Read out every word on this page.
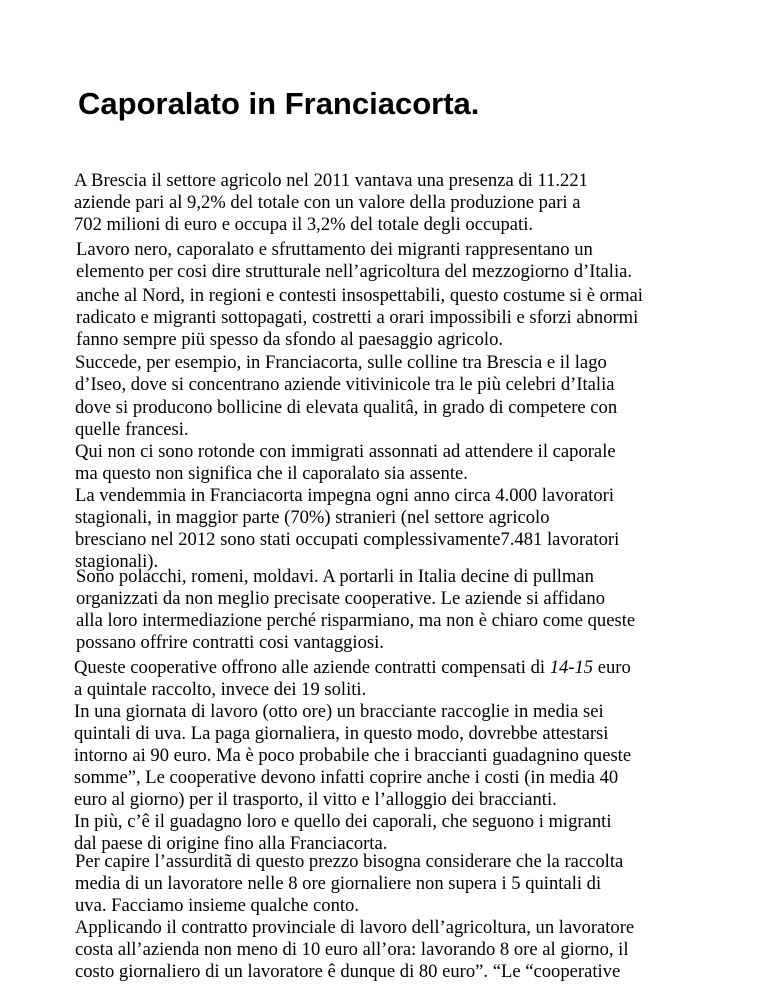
Caporalato in Franciacorta.

A Brescia il settore agricolo nel 2011 vantava una presenza di 11.221

aziende pari al 9,2% del totale con un valore della produzione pari a

702 milioni di euro e occupa il 3,2% del totale degli occupati.

Lavoro nero, caporalato e sfruttamento dei migranti rappresentano un

elemento per cosi dire strutturale nell’agricoltura del mezzogiorno d’Italia.

anche al Nord, in regioni e contesti insospettabili, questo costume si è ormai

radicato e migranti sottopagati, costretti a orari impossibili e sforzi abnormi

fanno sempre piü spesso da sfondo al paesaggio agricolo.

Succede, per esempio, in Franciacorta, sulle colline tra Brescia e il lago

d’Iseo, dove si concentrano aziende vitivinicole tra le più celebri d’Italia

dove si producono bollicine di elevata qualitâ, in grado di competere con

quelle francesi.

Qui non ci sono rotonde con immigrati assonnati ad attendere il caporale

ma questo non significa che il caporalato sia assente.

La vendemmia in Franciacorta impegna ogni anno circa 4.000 lavoratori

stagionali, in maggior parte (70%) stranieri (nel settore agricolo

bresciano nel 2012 sono stati occupati complessivamente7.481 lavoratori

stagionali).

Sono polacchi, romeni, moldavi. A portarli in Italia decine di pullman

organizzati da non meglio precisate cooperative. Le aziende si affidano

alla loro intermediazione perché risparmiano, ma non è chiaro come queste

possano offrire contratti cosi vantaggiosi.

Queste cooperative offrono alle aziende contratti compensati di 14-15 euro

a quintale raccolto, invece dei 19 soliti.

In una giornata di lavoro (otto ore) un bracciante raccoglie in media sei

quintali di uva. La paga giornaliera, in questo modo, dovrebbe attestarsi

intorno ai 90 euro. Ma è poco probabile che i braccianti guadagnino queste

somme”, Le cooperative devono infatti coprire anche i costi (in media 40

euro al giorno) per il trasporto, il vitto e l’alloggio dei braccianti.

In più, c’ê il guadagno loro e quello dei caporali, che seguono i migranti

dal paese di origine fino alla Franciacorta.

Per capire l’assurditã di questo prezzo bisogna considerare che la raccolta

media di un lavoratore nelle 8 ore giornaliere non supera i 5 quintali di

uva. Facciamo insieme qualche conto.

Applicando il contratto provinciale di lavoro dell’agricoltura, un lavoratore

costa all’azienda non meno di 10 euro all’ora: lavorando 8 ore al giorno, il

costo giornaliero di un lavoratore ê dunque di 80 euro”. “Le “cooperative
